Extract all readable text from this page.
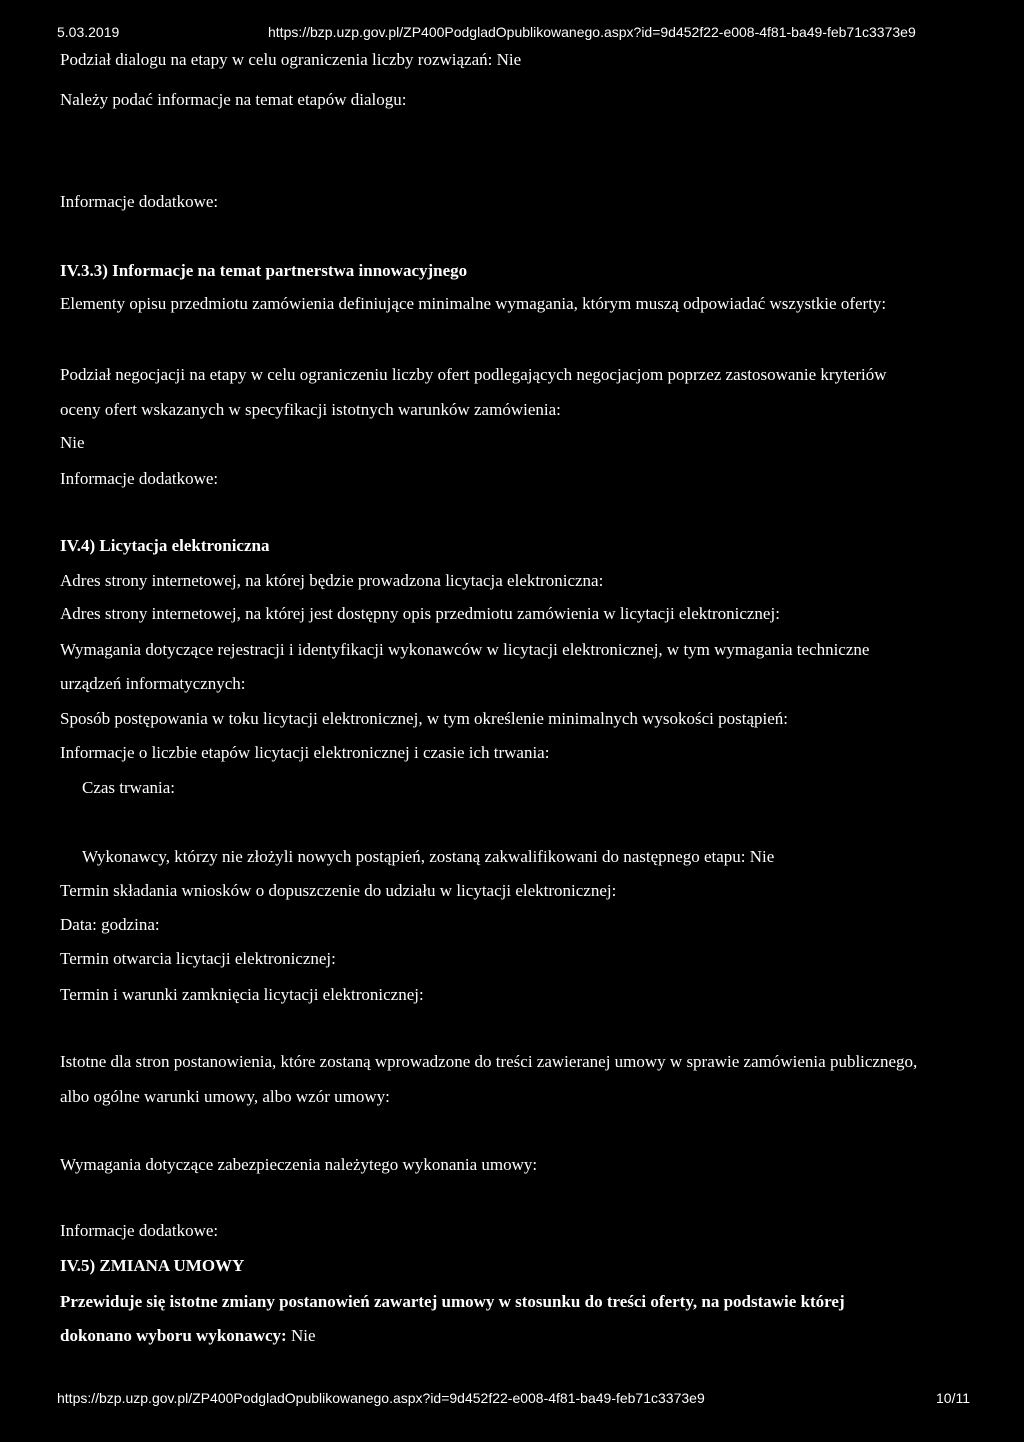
5.03.2019	https://bzp.uzp.gov.pl/ZP400PodgladOpublikowanego.aspx?id=9d452f22-e008-4f81-ba49-feb71c3373e9
Podział dialogu na etapy w celu ograniczenia liczby rozwiązań: Nie
Należy podać informacje na temat etapów dialogu:
Informacje dodatkowe:
IV.3.3) Informacje na temat partnerstwa innowacyjnego
Elementy opisu przedmiotu zamówienia definiujące minimalne wymagania, którym muszą odpowiadać wszystkie oferty:
Podział negocjacji na etapy w celu ograniczeniu liczby ofert podlegających negocjacjom poprzez zastosowanie kryteriów
oceny ofert wskazanych w specyfikacji istotnych warunków zamówienia:
Nie
Informacje dodatkowe:
IV.4) Licytacja elektroniczna
Adres strony internetowej, na której będzie prowadzona licytacja elektroniczna:
Adres strony internetowej, na której jest dostępny opis przedmiotu zamówienia w licytacji elektronicznej:
Wymagania dotyczące rejestracji i identyfikacji wykonawców w licytacji elektronicznej, w tym wymagania techniczne
urządzeń informatycznych:
Sposób postępowania w toku licytacji elektronicznej, w tym określenie minimalnych wysokości postąpień:
Informacje o liczbie etapów licytacji elektronicznej i czasie ich trwania:
Czas trwania:
Wykonawcy, którzy nie złożyli nowych postąpień, zostaną zakwalifikowani do następnego etapu: Nie
Termin składania wniosków o dopuszczenie do udziału w licytacji elektronicznej:
Data: godzina:
Termin otwarcia licytacji elektronicznej:
Termin i warunki zamknięcia licytacji elektronicznej:
Istotne dla stron postanowienia, które zostaną wprowadzone do treści zawieranej umowy w sprawie zamówienia publicznego,
albo ogólne warunki umowy, albo wzór umowy:
Wymagania dotyczące zabezpieczenia należytego wykonania umowy:
Informacje dodatkowe:
IV.5) ZMIANA UMOWY
Przewiduje się istotne zmiany postanowień zawartej umowy w stosunku do treści oferty, na podstawie której
dokonano wyboru wykonawcy: Nie
https://bzp.uzp.gov.pl/ZP400PodgladOpublikowanego.aspx?id=9d452f22-e008-4f81-ba49-feb71c3373e9	10/11
